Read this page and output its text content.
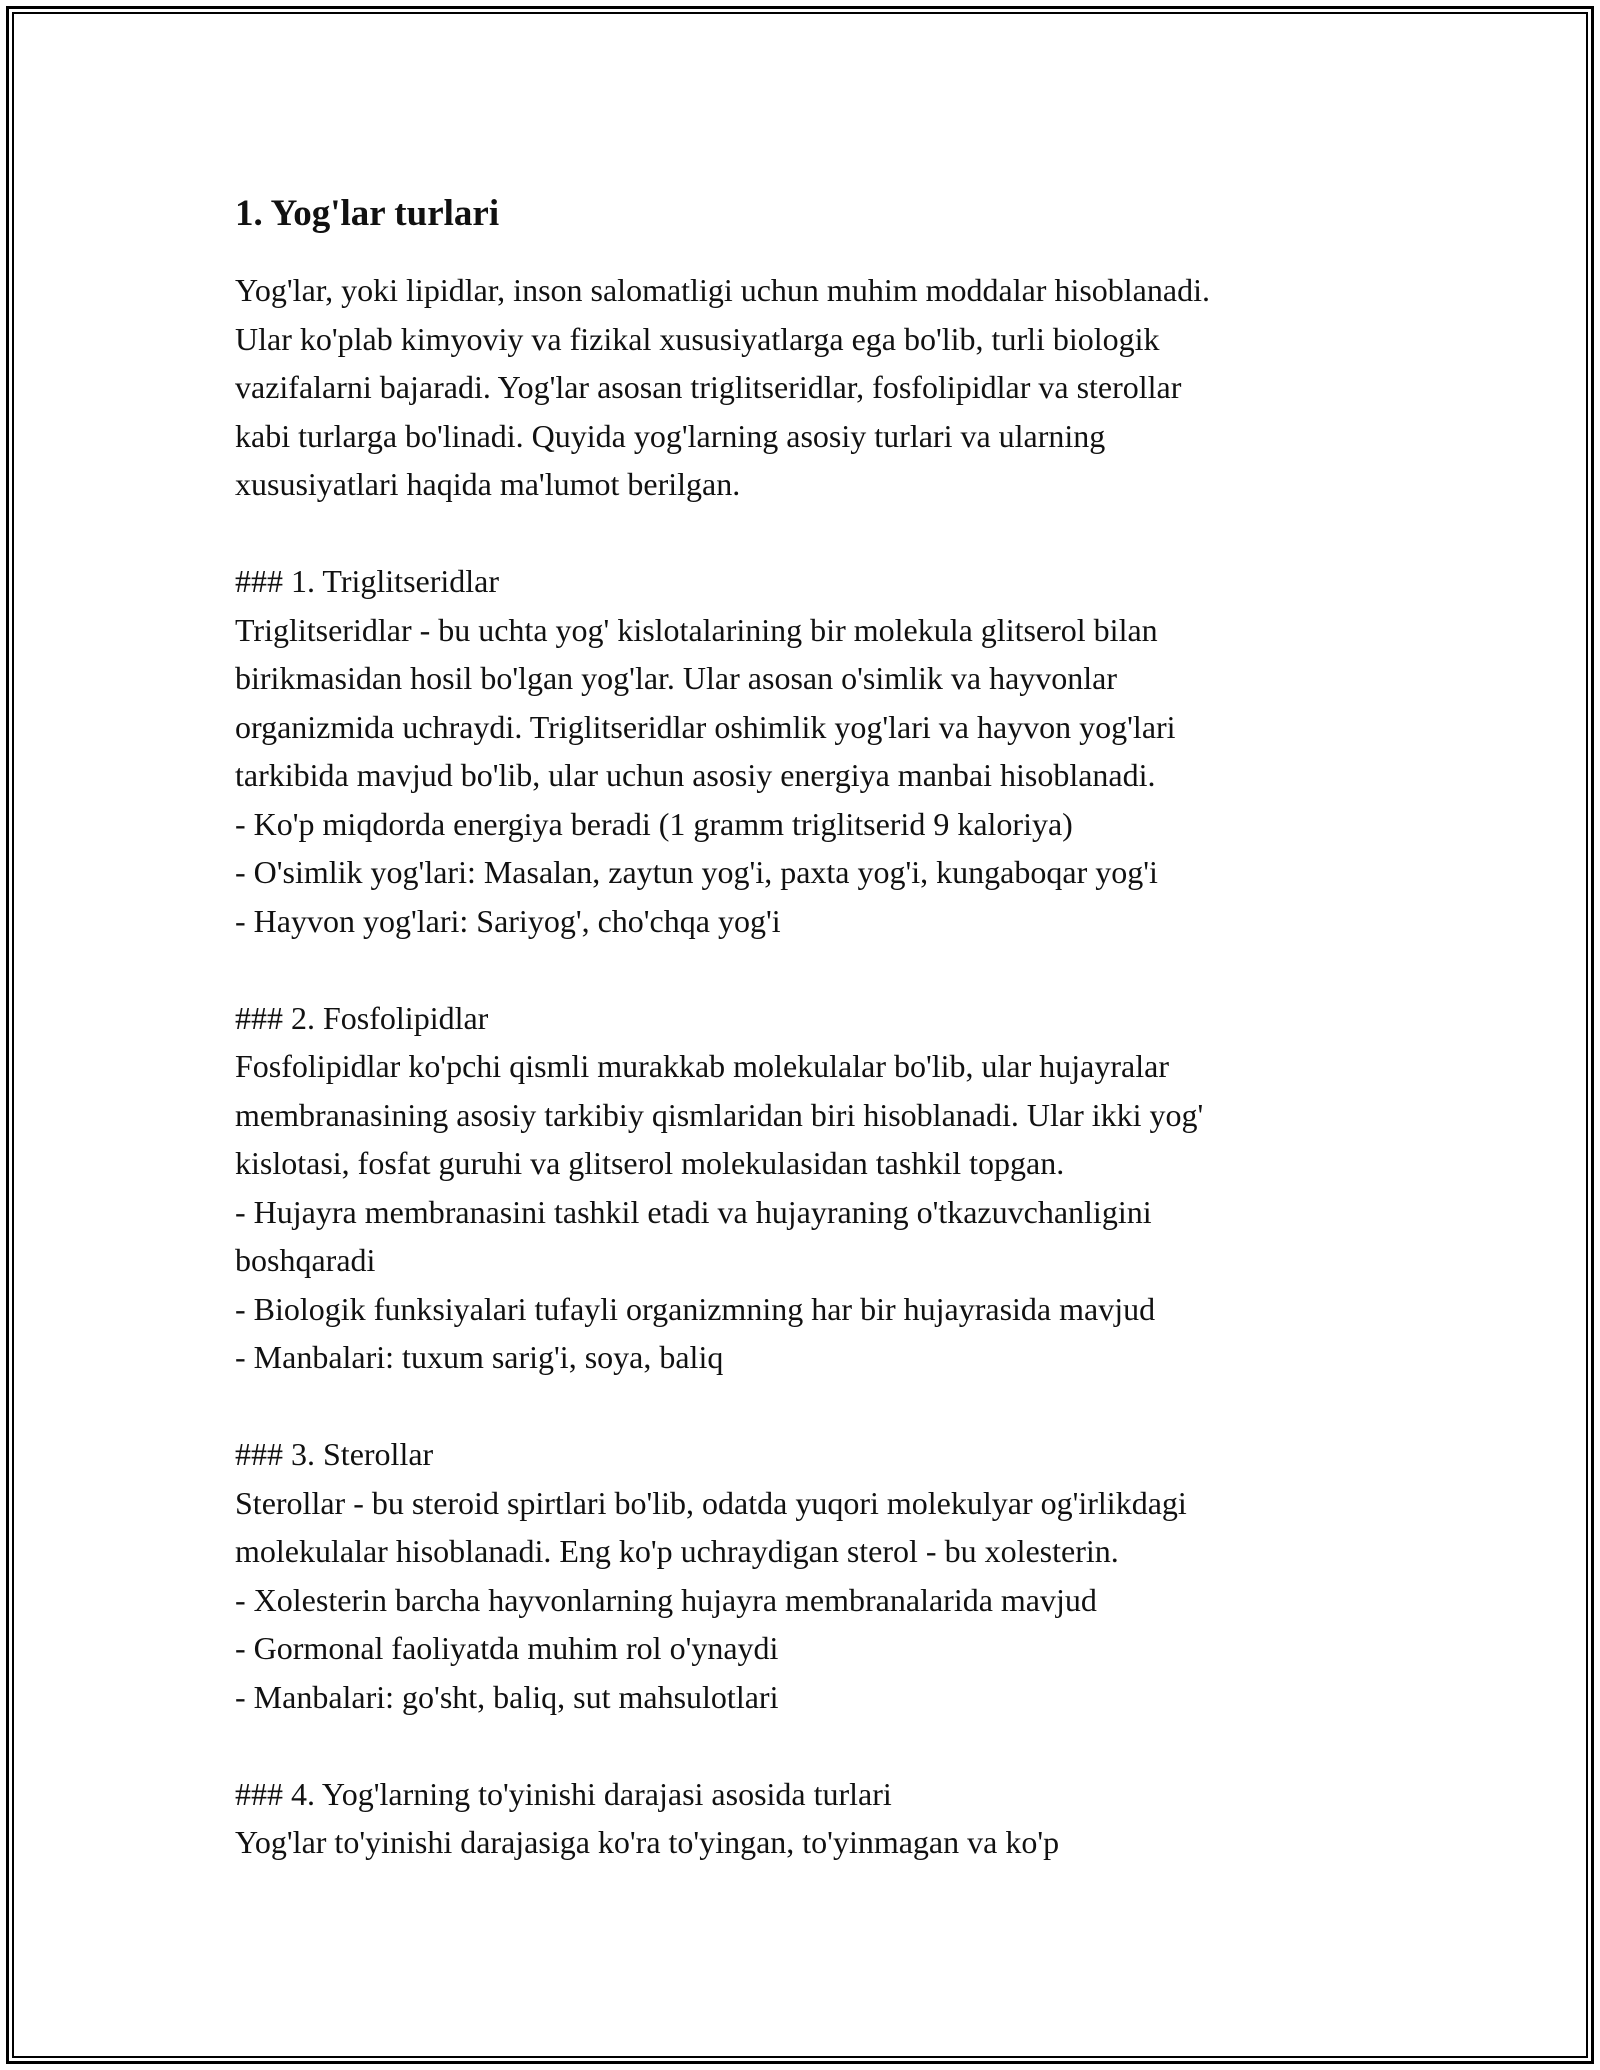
1. Yog'lar turlari
Yog'lar, yoki lipidlar, inson salomatligi uchun muhim moddalar hisoblanadi.
Ular ko'plab kimyoviy va fizikal xususiyatlarga ega bo'lib, turli biologik
vazifalarni bajaradi. Yog'lar asosan triglitseridlar, fosfolipidlar va sterollar
kabi turlarga bo'linadi. Quyida yog'larning asosiy turlari va ularning
xususiyatlari haqida ma'lumot berilgan.
### 1. Triglitseridlar
Triglitseridlar - bu uchta yog' kislotalarining bir molekula glitserol bilan
birikmasidan hosil bo'lgan yog'lar. Ular asosan o'simlik va hayvonlar
organizmida uchraydi. Triglitseridlar oshimlik yog'lari va hayvon yog'lari
tarkibida mavjud bo'lib, ular uchun asosiy energiya manbai hisoblanadi.
- Ko'p miqdorda energiya beradi (1 gramm triglitserid 9 kaloriya)
- O'simlik yog'lari: Masalan, zaytun yog'i, paxta yog'i, kungaboqar yog'i
- Hayvon yog'lari: Sariyog', cho'chqa yog'i
### 2. Fosfolipidlar
Fosfolipidlar ko'pchi qismli murakkab molekulalar bo'lib, ular hujayralar
membranasining asosiy tarkibiy qismlaridan biri hisoblanadi. Ular ikki yog'
kislotasi, fosfat guruhi va glitserol molekulasidan tashkil topgan.
- Hujayra membranasini tashkil etadi va hujayraning o'tkazuvchanligini
boshqaradi
- Biologik funksiyalari tufayli organizmning har bir hujayrasida mavjud
- Manbalari: tuxum sarig'i, soya, baliq
### 3. Sterollar
Sterollar - bu steroid spirtlari bo'lib, odatda yuqori molekulyar og'irlikdagi
molekulalar hisoblanadi. Eng ko'p uchraydigan sterol - bu xolesterin.
- Xolesterin barcha hayvonlarning hujayra membranalarida mavjud
- Gormonal faoliyatda muhim rol o'ynaydi
- Manbalari: go'sht, baliq, sut mahsulotlari
### 4. Yog'larning to'yinishi darajasi asosida turlari
Yog'lar to'yinishi darajasiga ko'ra to'yingan, to'yinmagan va ko'p
